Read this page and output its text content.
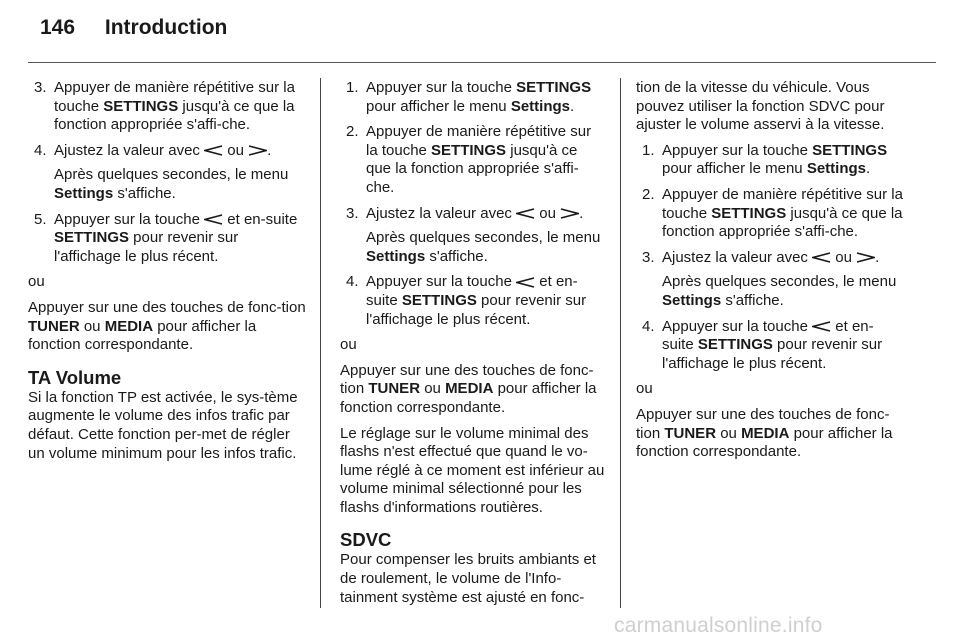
146 Introduction
3. Appuyer de manière répétitive sur la touche SETTINGS jusqu'à ce que la fonction appropriée s'affi-che.
4. Ajustez la valeur avec  ou .
Après quelques secondes, le menu Settings s'affiche.
5. Appuyer sur la touche  et en-suite SETTINGS pour revenir sur l'affichage le plus récent.

ou

Appuyer sur une des touches de fonc-tion TUNER ou MEDIA pour afficher la fonction correspondante.

TA Volume

Si la fonction TP est activée, le sys-tème augmente le volume des infos trafic par défaut. Cette fonction per-met de régler un volume minimum pour les infos trafic.

1. Appuyer sur la touche SETTINGS pour afficher le menu Settings.
2. Appuyer de manière répétitive sur la touche SETTINGS jusqu'à ce que la fonction appropriée s'affi-che.
3. Ajustez la valeur avec  ou .
Après quelques secondes, le menu Settings s'affiche.
4. Appuyer sur la touche  et en-suite SETTINGS pour revenir sur l'affichage le plus récent.

ou

Appuyer sur une des touches de fonc-tion TUNER ou MEDIA pour afficher la fonction correspondante.

Le réglage sur le volume minimal des flashs n'est effectué que quand le vo-lume réglé à ce moment est inférieur au volume minimal sélectionné pour les flashs d'informations routières.

SDVC

Pour compenser les bruits ambiants et de roulement, le volume de l'Info-tainment système est ajusté en fonc-

tion de la vitesse du véhicule. Vous pouvez utiliser la fonction SDVC pour ajuster le volume asservi à la vitesse.

1. Appuyer sur la touche SETTINGS pour afficher le menu Settings.
2. Appuyer de manière répétitive sur la touche SETTINGS jusqu'à ce que la fonction appropriée s'affi-che.
3. Ajustez la valeur avec  ou .
Après quelques secondes, le menu Settings s'affiche.
4. Appuyer sur la touche  et en-suite SETTINGS pour revenir sur l'affichage le plus récent.

ou

Appuyer sur une des touches de fonc-tion TUNER ou MEDIA pour afficher la fonction correspondante.

carmanualsonline.info
